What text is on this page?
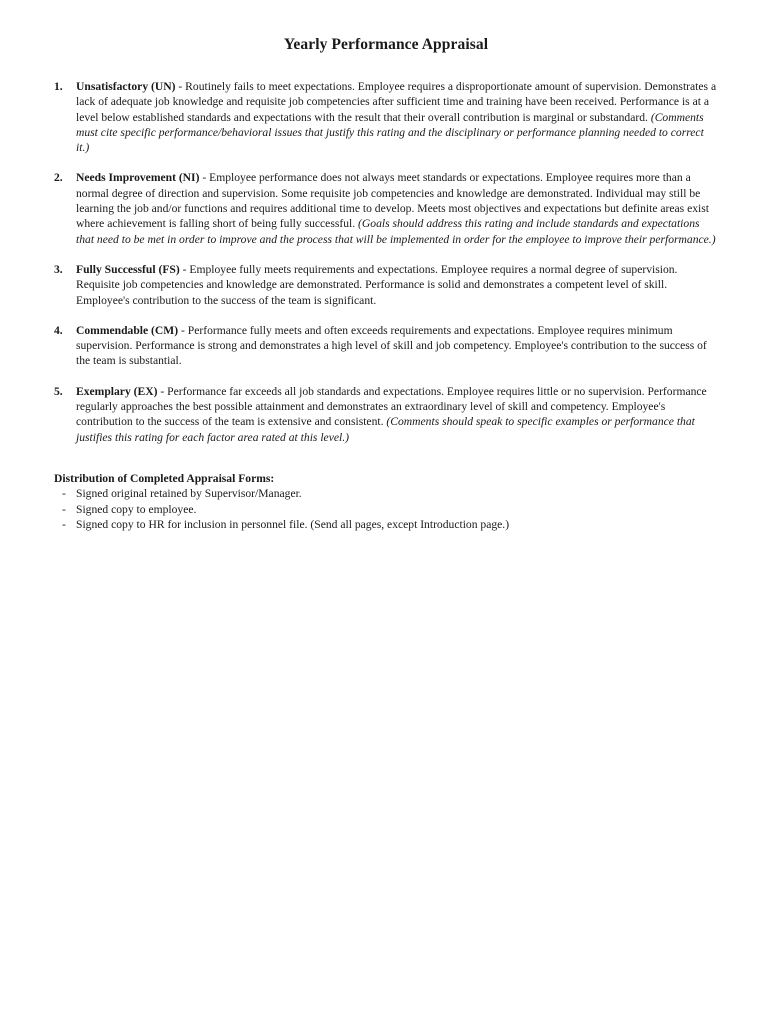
Yearly Performance Appraisal
1. Unsatisfactory (UN) - Routinely fails to meet expectations. Employee requires a disproportionate amount of supervision. Demonstrates a lack of adequate job knowledge and requisite job competencies after sufficient time and training have been received. Performance is at a level below established standards and expectations with the result that their overall contribution is marginal or substandard. (Comments must cite specific performance/behavioral issues that justify this rating and the disciplinary or performance planning needed to correct it.)
2. Needs Improvement (NI) - Employee performance does not always meet standards or expectations. Employee requires more than a normal degree of direction and supervision. Some requisite job competencies and knowledge are demonstrated. Individual may still be learning the job and/or functions and requires additional time to develop. Meets most objectives and expectations but definite areas exist where achievement is falling short of being fully successful. (Goals should address this rating and include standards and expectations that need to be met in order to improve and the process that will be implemented in order for the employee to improve their performance.)
3. Fully Successful (FS) - Employee fully meets requirements and expectations. Employee requires a normal degree of supervision. Requisite job competencies and knowledge are demonstrated. Performance is solid and demonstrates a competent level of skill. Employee's contribution to the success of the team is significant.
4. Commendable (CM) - Performance fully meets and often exceeds requirements and expectations. Employee requires minimum supervision. Performance is strong and demonstrates a high level of skill and job competency. Employee's contribution to the success of the team is substantial.
5. Exemplary (EX) - Performance far exceeds all job standards and expectations. Employee requires little or no supervision. Performance regularly approaches the best possible attainment and demonstrates an extraordinary level of skill and competency. Employee's contribution to the success of the team is extensive and consistent. (Comments should speak to specific examples or performance that justifies this rating for each factor area rated at this level.)
Distribution of Completed Appraisal Forms:
- Signed original retained by Supervisor/Manager.
- Signed copy to employee.
- Signed copy to HR for inclusion in personnel file. (Send all pages, except Introduction page.)
